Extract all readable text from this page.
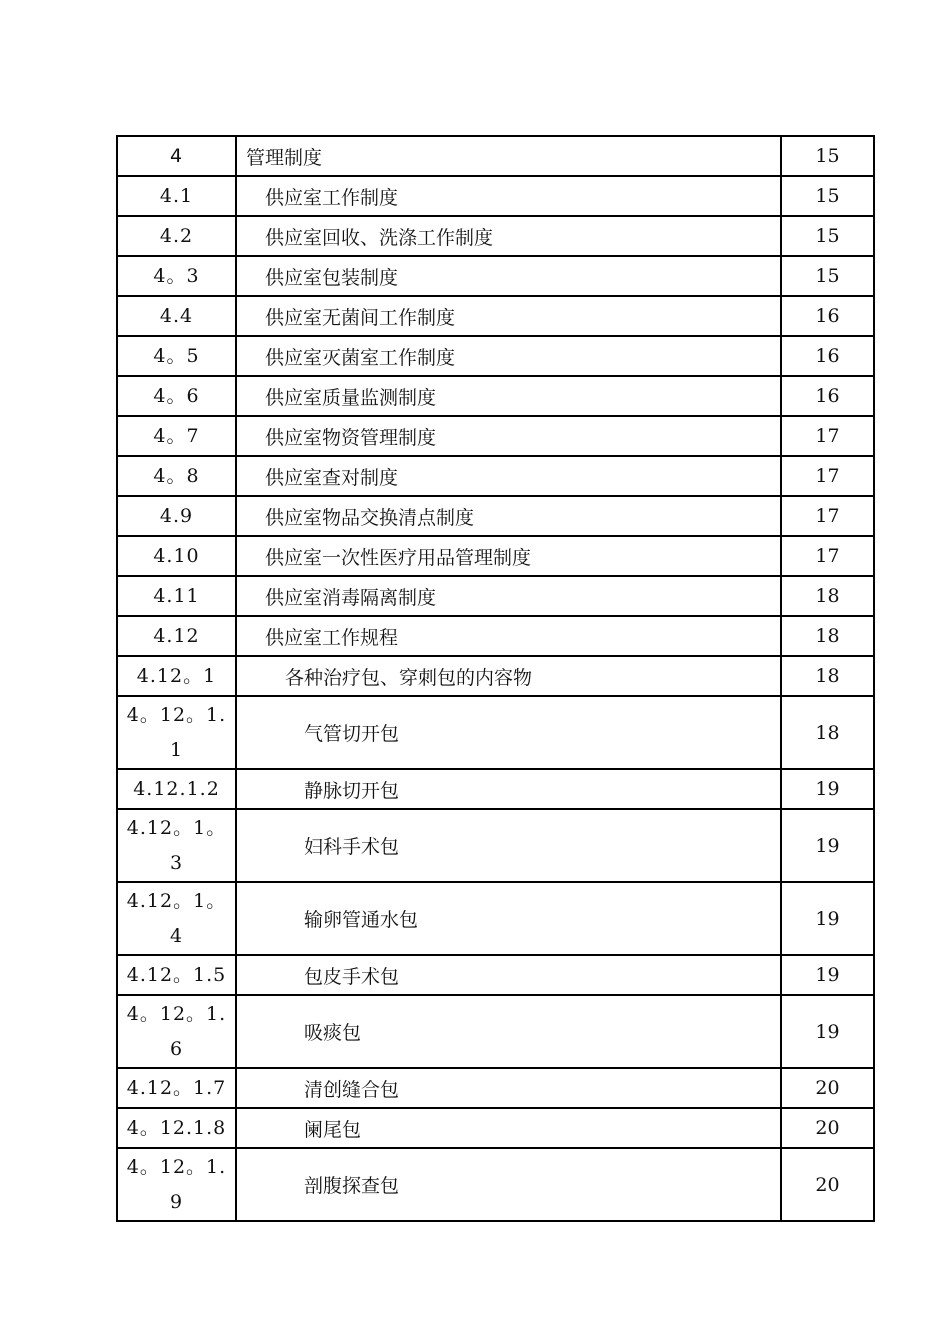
4	管理制度	15
4.1	供应室工作制度	15
4.2	供应室回收、洗涤工作制度	15
4。3	供应室包装制度	15
4.4	供应室无菌间工作制度	16
4。5	供应室灭菌室工作制度	16
4。6	供应室质量监测制度	16
4。7	供应室物资管理制度	17
4。8	供应室查对制度	17
4.9	供应室物品交换清点制度	17
4.10	供应室一次性医疗用品管理制度	17
4.11	供应室消毒隔离制度	18
4.12	供应室工作规程	18
4.12。1	各种治疗包、穿刺包的内容物	18
4。12。1.1	气管切开包	18
4.12.1.2	静脉切开包	19
4.12。1。3	妇科手术包	19
4.12。1。4	输卵管通水包	19
4.12。1.5	包皮手术包	19
4。12。1.6	吸痰包	19
4.12。1.7	清创缝合包	20
4。12.1.8	阑尾包	20
4。12。1.9	剖腹探查包	20
